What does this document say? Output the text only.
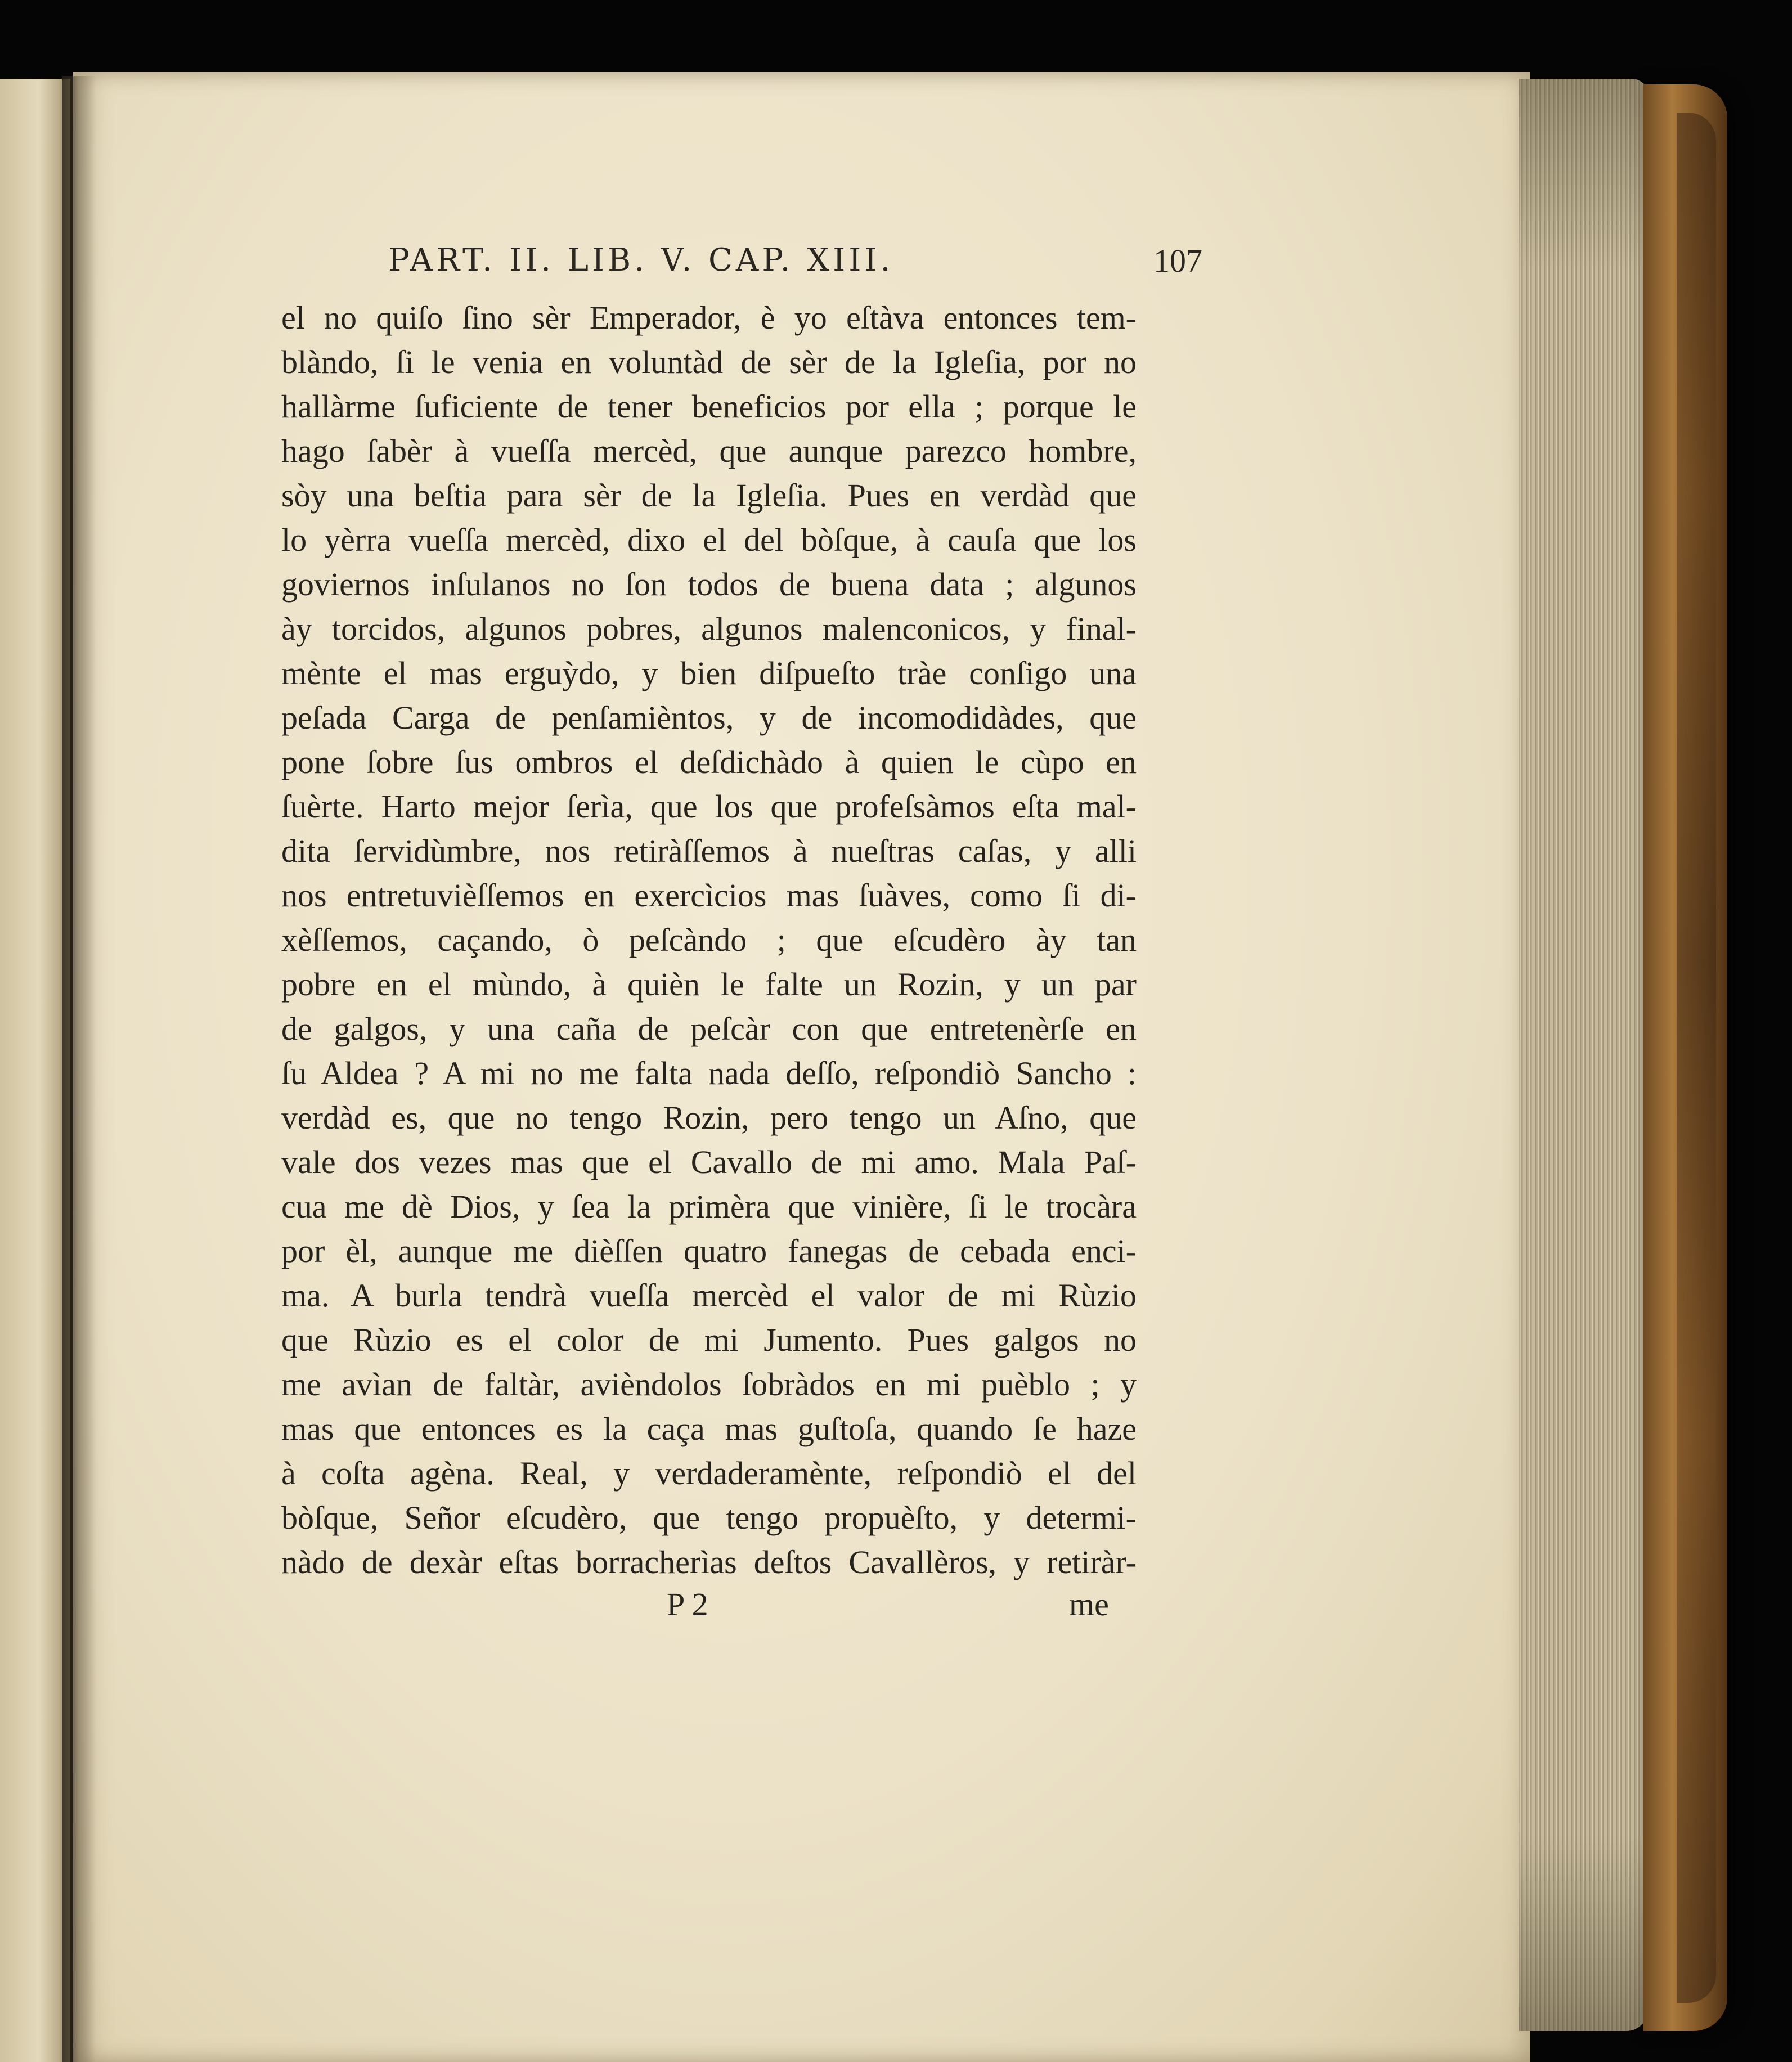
PART. II. LIB. V. CAP. XIII.	107
el no quiſo ſino sèr Emperador, è yo eſtàva entonces tem-
blàndo, ſi le venia en voluntàd de sèr de la Igleſia, por no
hallàrme ſuficiente de tener beneficios por ella ; porque le
hago ſabèr à vueſſa mercèd, que aunque parezco hombre,
sòy una beſtia para sèr de la Igleſia. Pues en verdàd que
lo yèrra vueſſa mercèd, dixo el del bòſque, à cauſa que los
goviernos inſulanos no ſon todos de buena data ; algunos
ày torcidos, algunos pobres, algunos malenconicos, y final-
mènte el mas erguỳdo, y bien diſpueſto tràe conſigo una
peſada Carga de penſamièntos, y de incomodidàdes, que
pone ſobre ſus ombros el deſdichàdo à quien le cùpo en
ſuèrte. Harto mejor ſerìa, que los que profeſsàmos eſta mal-
dita ſervidùmbre, nos retiràſſemos à nueſtras caſas, y alli
nos entretuvièſſemos en exercìcios mas ſuàves, como ſi di-
xèſſemos, caçando, ò peſcàndo ; que eſcudèro ày tan
pobre en el mùndo, à quièn le falte un Rozin, y un par
de galgos, y una caña de peſcàr con que entretenèrſe en
ſu Aldea ? A mi no me falta nada deſſo, reſpondiò Sancho :
verdàd es, que no tengo Rozin, pero tengo un Aſno, que
vale dos vezes mas que el Cavallo de mi amo. Mala Paſ-
cua me dè Dios, y ſea la primèra que vinière, ſi le trocàra
por èl, aunque me dièſſen quatro fanegas de cebada enci-
ma. A burla tendrà vueſſa mercèd el valor de mi Rùzio
que Rùzio es el color de mi Jumento. Pues galgos no
me avìan de faltàr, avièndolos ſobràdos en mi puèblo ; y
mas que entonces es la caça mas guſtoſa, quando ſe haze
à coſta agèna. Real, y verdaderamènte, reſpondiò el del
bòſque, Señor eſcudèro, que tengo propuèſto, y determi-
nàdo de dexàr eſtas borracherìas deſtos Cavallèros, y retiràr-
P 2	me
